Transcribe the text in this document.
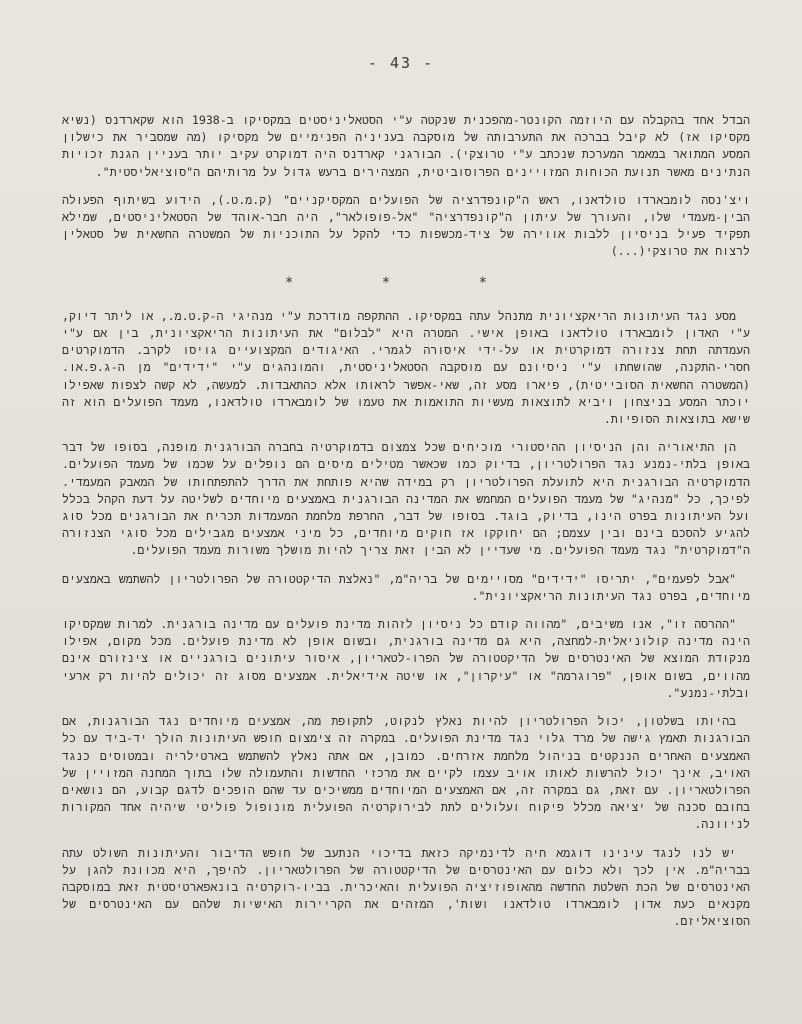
- 43 -

הבדל אחד בהקבלה עם היוזמה הקונטר-מהפכנית שנקטה ע"י הסטאליניסטים במקסיקו ב-1938 הוא שקארדנס (נשיא מקסיקו אז) לא קיבל בברכה את התערבותה של מוסקבה בעניניה הפנימיים של מקסיקו (מה שמסביר את כישלון המסע המתואר במאמר המערכת שנכתב ע"י טרוצקי). הבורגני קארדנס היה דמוקרט עקיב יותר בעניין הגנת זכויות הנתינים מאשר תנועת הכוחות המזויינים הפרוסוביטית, המצהירים ברעש גדול על מרותיהם ה"סוציאליסטית".

ויצ'נסה לומבארדו טולדאנו, ראש ה"קונפדרציה של הפועלים המקסיקניים" (ק.מ.ט.), הידוע בשיתוף הפעולה הבין-מעמדי שלו, והעורך של עיתון ה"קונפדרציה" "אל-פופולאר", היה חבר-אוהד של הסטאליניסטים, שמילא תפקיד פעיל בניסיון ללבות אווירה של ציד-מכשפות כדי להקל על התוכניות של המשטרה החשאית של סטאלין לרצוח את טרוצקי(...)

* * *

מסע נגד העיתונות הריאקציונית מתנהל עתה במקסיקו. ההתקפה מודרכת ע"י מנהיגי ה-ק.ט.מ., או ליתר דיוק, ע"י האדון לומבארדו טולדאנו באופן אישי. המטרה היא "לבלום" את העיתונות הריאקציונית, בין אם ע"י העמדתה תחת צנזורה דמוקרטית או על-ידי איסורה לגמרי. האיגודים המקצועיים גויסו לקרב. הדמוקרטים חסרי-התקנה, שהושחתו ע"י ניסיונם עם מוסקבה הסטאליניסטית, והמונהגים ע"י "ידידים" מן ה-ג.פ.או. (המשטרה החשאית הסובייטית), פיארו מסע זה, שאי-אפשר לראותו אלא כהתאבדות. למעשה, לא קשה לצפות שאפילו יוכתר המסע בניצחון ויביא לתוצאות מעשיות התואמות את טעמו של לומבארדו טולדאנו, מעמד הפועלים הוא זה שישא בתוצאות הסופיות.

הן התיאוריה והן הניסיון ההיסטורי מוכיחים שכל צמצום בדמוקרטיה בחברה הבורגנית מופנה, בסופו של דבר באופן בלתי-נמנע נגד הפרולטריון, בדיוק כמו שכאשר מטילים מיסים הם נופלים על שכמו של מעמד הפועלים. הדמוקרטיה הבורגנית היא לתועלת הפרולטריון רק במידה שהיא פותחת את הדרך להתפתחותו של המאבק המעמדי. לפיכך, כל "מנהיג" של מעמד הפועלים המחמש את המדינה הבורגנית באמצעים מיוחדים לשליטה על דעת הקהל בכלל ועל העיתונות בפרט הינו, בדיוק, בוגד. בסופו של דבר, החרפת מלחמת המעמדות תכריח את הבורגנים מכל סוג להגיע להסכם בינם ובין עצמם; הם יחוקקו אז חוקים מיוחדים, כל מיני אמצעים מגבילים מכל סוגי הצנזורה ה"דמוקרטית" נגד מעמד הפועלים. מי שעדיין לא הבין זאת צריך להיות מושלך משורות מעמד הפועלים.

"אבל לפעמים", יתריסו "ידידים" מסויימים של בריה"מ, "נאלצת הדיקטטורה של הפרולטריון להשתמש באמצעים מיוחדים, בפרט נגד העיתונות הריאקציונית".

"ההרסה זו", אנו משיבים, "מהווה קודם כל ניסיון לזהות מדינת פועלים עם מדינה בורגנית. למרות שמקסיקו הינה מדינה קולוניאלית-למחצה, היא גם מדינה בורגנית, ובשום אופן לא מדינת פועלים. מכל מקום, אפילו מנקודת המוצא של האינטרסים של הדיקטטורה של הפרו-לטאריון, איסור עיתונים בורגניים או צינזורם אינם מהווים, בשום אופן, "פרוגרמה" או "עיקרון", או שיטה אידיאלית. אמצעים מסוג זה יכולים להיות רק ארעי ובלתי-נמנע".

בהיותו בשלטון, יכול הפרולטריון להיות נאלץ לנקוט, לתקופת מה, אמצעים מיוחדים נגד הבורגנות, אם הבורגנות תאמץ גישה של מרד גלוי נגד מדינת הפועלים. במקרה זה צימצום חופש העיתונות הולך יד-ביד עם כל האמצעים האחרים הננקטים בניהול מלחמת אזרחים. כמובן, אם אתה נאלץ להשתמש בארטילריה ובמטוסים כנגד האויב, אינך יכול להרשות לאותו אויב עצמו לקיים את מרכזי החדשות והתעמולה שלו בתוך המחנה המזויין של הפרולטאריון. עם זאת, גם במקרה זה, אם האמצעים המיוחדים ממשיכים עד שהם הופכים לדגם קבוע, הם נושאים בחובם סכנה של יציאה מכלל פיקוח ועלולים לתת לבירוקרטיה הפועלית מונופול פוליטי שיהיה אחד המקורות לניוונה.

יש לנו לנגד עינינו דוגמא חיה לדינמיקה כזאת בדיכוי הנתעב של חופש הדיבור והעיתונות השולט עתה בבריה"מ. אין לכך ולא כלום עם האינטרסים של הדיקטטורה של הפרולטאריון. להיפך, היא מכוונת להגן על האינטרסים של הכת השלטת החדשה מהאופוזיציה הפועלית והאיכרית. בביו-רוקרטיה בונאפארטיסטית זאת במוסקבה מקנאים כעת אדון לומבארדו טולדאנו ושות', המזהים את הקריירות האישיות שלהם עם האינטרסים של הסוציאליזם.
